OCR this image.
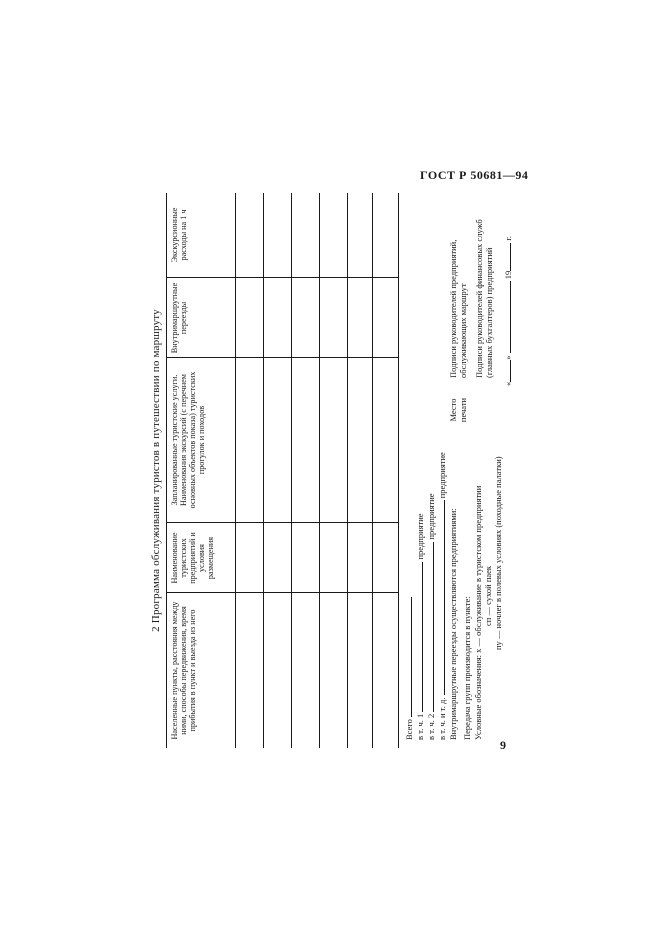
ГОСТ Р 50681—94
9
2 Программа обслуживания туристов в путешествии по маршруту
Населенные пункты, расстояния между ними, способы передвижения, время прибытия в пункт и выезда из него
Наименование туристских предприятий и условия размещения
Запланированные туристские услуги. Наименования экскурсий (с перечнем основных объектов показа) туристских прогулок и походов
Внутримаршрутные переезды
Экскурсионные расходы на 1 ч
Всего в т. ч. 1  предприятие
в т. ч. 2  предприятие
в т. ч. и т. д.  предприятие
Внутримаршрутные переезды осуществляются предприятиями: Передача групп производится в пункте: Условные обозначения: х — обслуживание в туристском предприятии сп — сухой паек пу — ночлег в полевых условиях (походные палатки)
Место печати
Подписи руководителей предприятий, обслуживающих маршрут Подписи руководителей финансовых служб (главных бухгалтеров) предприятий
«»  19 г.
